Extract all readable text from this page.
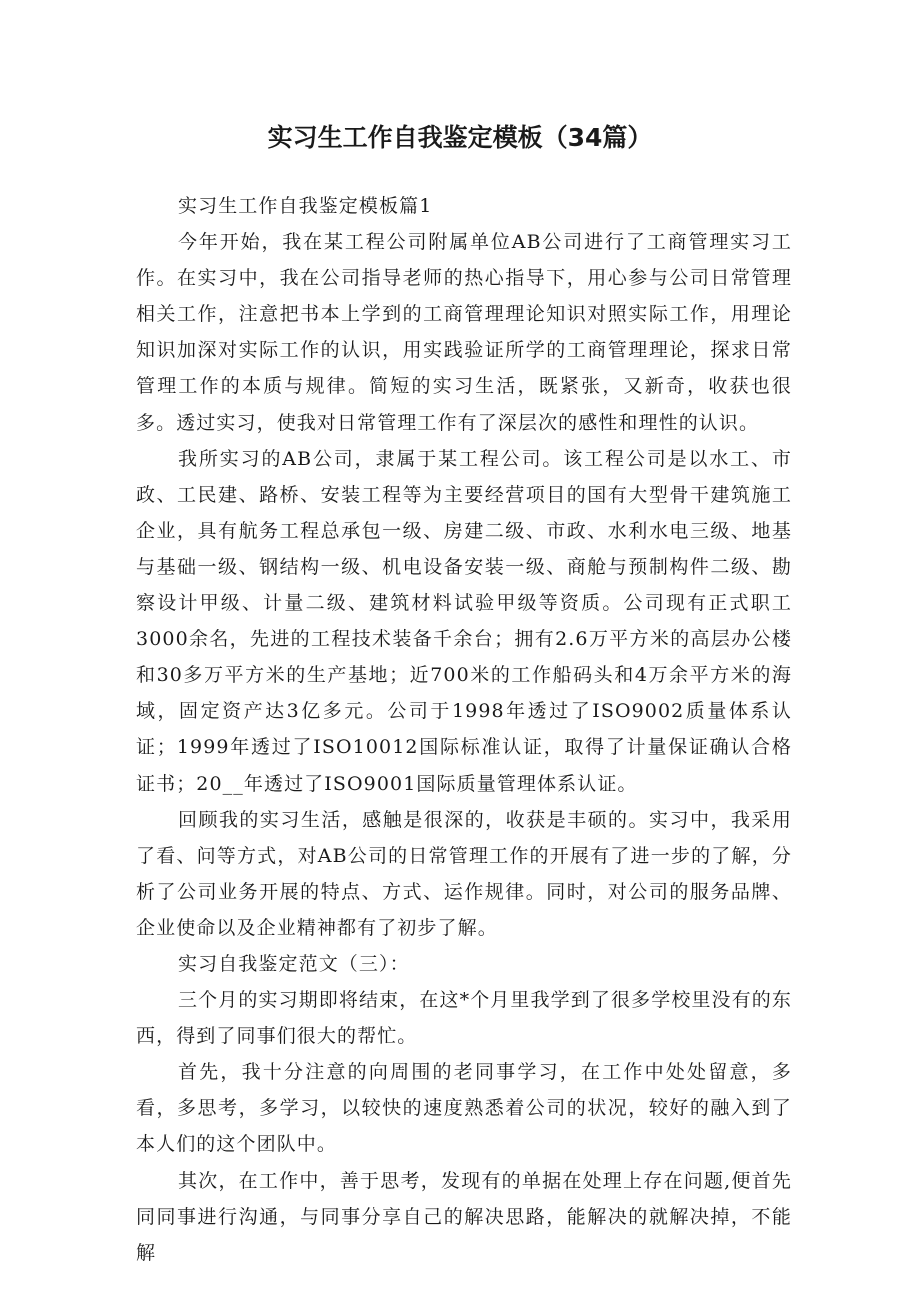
实习生工作自我鉴定模板（34篇）

实习生工作自我鉴定模板篇1

今年开始，我在某工程公司附属单位AB公司进行了工商管理实习工作。在实习中，我在公司指导老师的热心指导下，用心参与公司日常管理相关工作，注意把书本上学到的工商管理理论知识对照实际工作，用理论知识加深对实际工作的认识，用实践验证所学的工商管理理论，探求日常管理工作的本质与规律。简短的实习生活，既紧张，又新奇，收获也很多。透过实习，使我对日常管理工作有了深层次的感性和理性的认识。

我所实习的AB公司，隶属于某工程公司。该工程公司是以水工、市政、工民建、路桥、安装工程等为主要经营项目的国有大型骨干建筑施工企业，具有航务工程总承包一级、房建二级、市政、水利水电三级、地基与基础一级、钢结构一级、机电设备安装一级、商舱与预制构件二级、勘察设计甲级、计量二级、建筑材料试验甲级等资质。公司现有正式职工3000余名，先进的工程技术装备千余台；拥有2.6万平方米的高层办公楼和30多万平方米的生产基地；近700米的工作船码头和4万余平方米的海域，固定资产达3亿多元。公司于1998年透过了ISO9002质量体系认证；1999年透过了ISO10012国际标准认证，取得了计量保证确认合格证书；20__年透过了ISO9001国际质量管理体系认证。

回顾我的实习生活，感触是很深的，收获是丰硕的。实习中，我采用了看、问等方式，对AB公司的日常管理工作的开展有了进一步的了解，分析了公司业务开展的特点、方式、运作规律。同时，对公司的服务品牌、企业使命以及企业精神都有了初步了解。

实习自我鉴定范文（三）：

三个月的实习期即将结束，在这*个月里我学到了很多学校里没有的东西，得到了同事们很大的帮忙。

首先，我十分注意的向周围的老同事学习，在工作中处处留意，多看，多思考，多学习，以较快的速度熟悉着公司的状况，较好的融入到了本人们的这个团队中。

其次，在工作中，善于思考，发现有的单据在处理上存在问题,便首先同同事进行沟通，与同事分享自己的解决思路，能解决的就解决掉，不能解
